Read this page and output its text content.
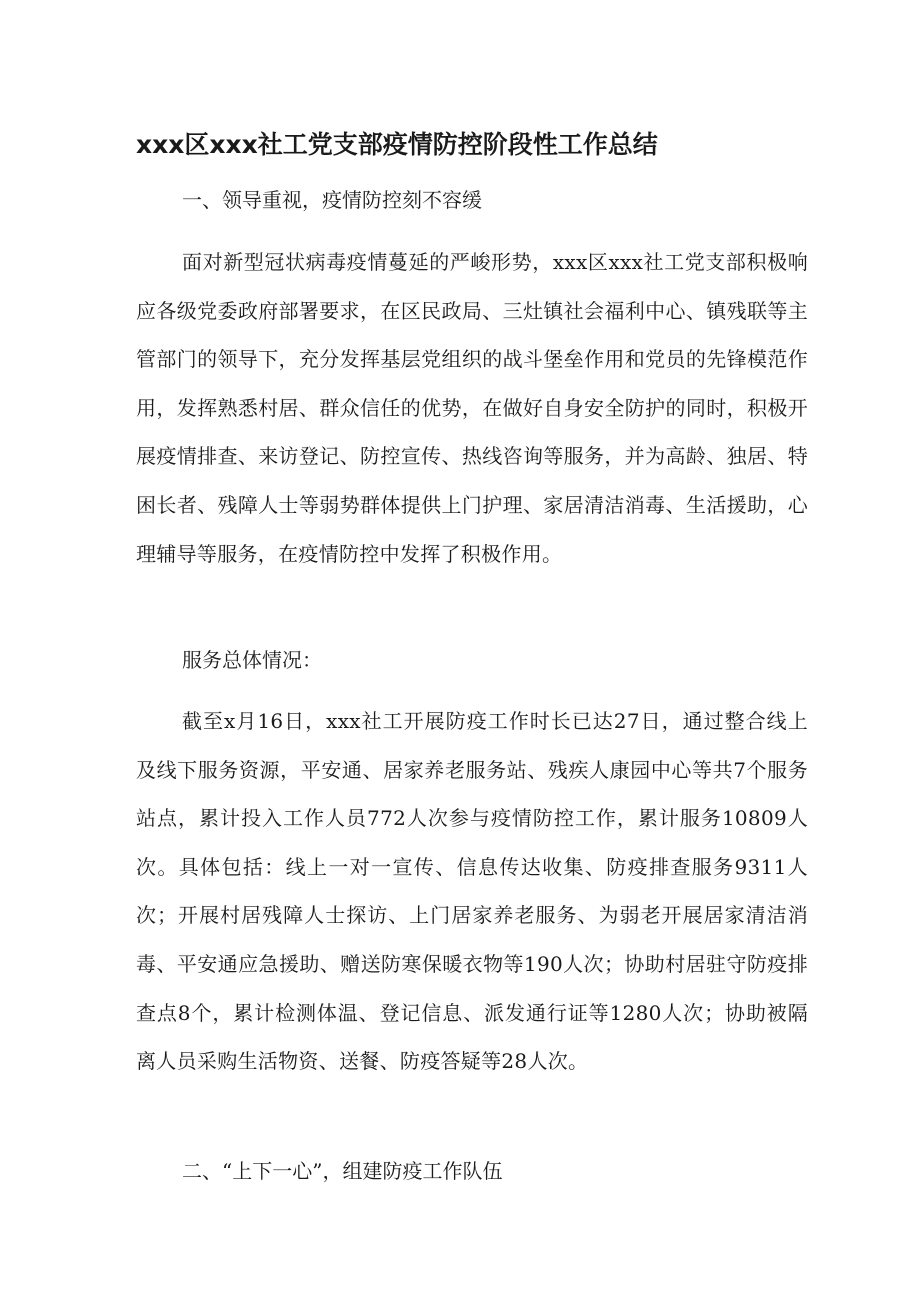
xxx区xxx社工党支部疫情防控阶段性工作总结
一、领导重视，疫情防控刻不容缓
面对新型冠状病毒疫情蔓延的严峻形势，xxx区xxx社工党支部积极响应各级党委政府部署要求，在区民政局、三灶镇社会福利中心、镇残联等主管部门的领导下，充分发挥基层党组织的战斗堡垒作用和党员的先锋模范作用，发挥熟悉村居、群众信任的优势，在做好自身安全防护的同时，积极开展疫情排查、来访登记、防控宣传、热线咨询等服务，并为高龄、独居、特困长者、残障人士等弱势群体提供上门护理、家居清洁消毒、生活援助，心理辅导等服务，在疫情防控中发挥了积极作用。
服务总体情况：
截至x月16日，xxx社工开展防疫工作时长已达27日，通过整合线上及线下服务资源，平安通、居家养老服务站、残疾人康园中心等共7个服务站点，累计投入工作人员772人次参与疫情防控工作，累计服务10809人次。具体包括：线上一对一宣传、信息传达收集、防疫排查服务9311人次；开展村居残障人士探访、上门居家养老服务、为弱老开展居家清洁消毒、平安通应急援助、赠送防寒保暖衣物等190人次；协助村居驻守防疫排查点8个，累计检测体温、登记信息、派发通行证等1280人次；协助被隔离人员采购生活物资、送餐、防疫答疑等28人次。
二、“上下一心”，组建防疫工作队伍
